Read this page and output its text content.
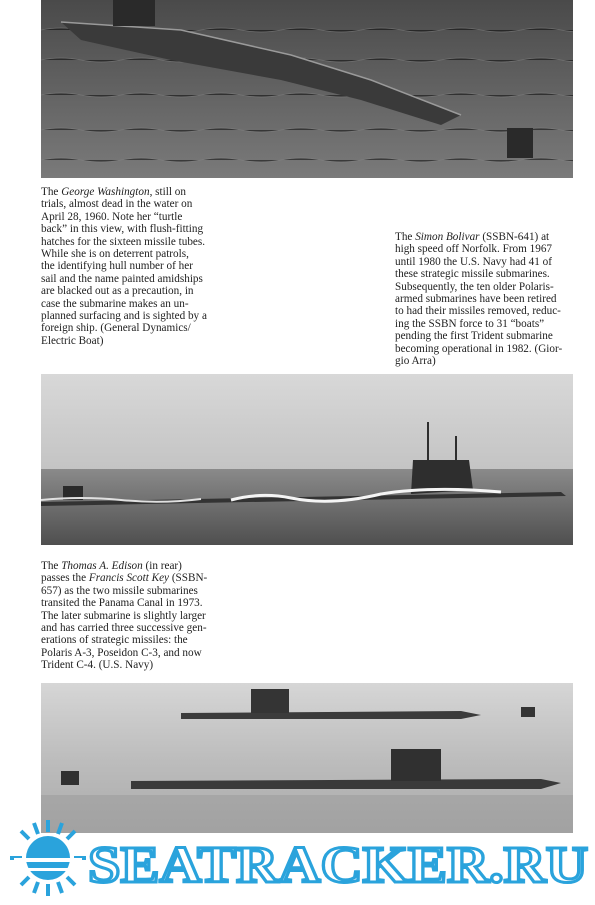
The George Washington, still on
trials, almost dead in the water on
April 28, 1960. Note her “turtle
back” in this view, with flush-fitting
hatches for the sixteen missile tubes.
While she is on deterrent patrols,
the identifying hull number of her
sail and the name painted amidships
are blacked out as a precaution, in
case the submarine makes an un-
planned surfacing and is sighted by a
foreign ship. (General Dynamics/
Electric Boat)
The Simon Bolivar (SSBN-641) at
high speed off Norfolk. From 1967
until 1980 the U.S. Navy had 41 of
these strategic missile submarines.
Subsequently, the ten older Polaris-
armed submarines have been retired
to had their missiles removed, reduc-
ing the SSBN force to 31 “boats”
pending the first Trident submarine
becoming operational in 1982. (Gior-
gio Arra)
The Thomas A. Edison (in rear)
passes the Francis Scott Key (SSBN-
657) as the two missile submarines
transited the Panama Canal in 1973.
The later submarine is slightly larger
and has carried three successive gen-
erations of strategic missiles: the
Polaris A-3, Poseidon C-3, and now
Trident C-4. (U.S. Navy)
SEATRACKER.RU
